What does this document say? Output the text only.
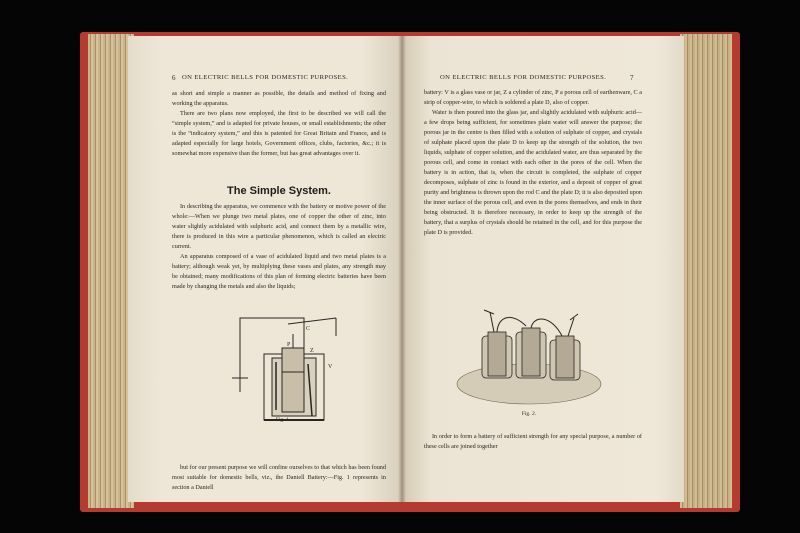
6 ON ELECTRIC BELLS FOR DOMESTIC PURPOSES.

as short and simple a manner as possible, the details and method of fixing and working the apparatus.

There are two plans now employed, the first to be described we will call the “simple system,” and is adapted for private houses, or small establishments; the other is the “indicatory system,” and this is patented for Great Britain and France, and is adapted especially for large hotels, Government offices, clubs, factories, &c.; it is somewhat more expensive than the former, but has great advantages over it.

The Simple System.

In describing the apparatus, we commence with the battery or motive power of the whole:—When we plunge two metal plates, one of copper the other of zinc, into water slightly acidulated with sulphuric acid, and connect them by a metallic wire, there is produced in this wire a particular phenomenon, which is called an electric current.

An apparatus composed of a vase of acidulated liquid and two metal plates is a battery; although weak yet, by multiplying these vases and plates, any strength may be obtained; many modifications of this plan of forming electric batteries have been made by changing the metals and also the liquids;

P
Z
V
C
Fig. 1.

but for our present purpose we will confine ourselves to that which has been found most suitable for domestic bells, viz., the Daniell Battery:—Fig. 1 represents in section a Daniell

ON ELECTRIC BELLS FOR DOMESTIC PURPOSES.	7

battery: V is a glass vase or jar, Z a cylinder of zinc, P a porous cell of earthenware, C a strip of copper-wire, to which is soldered a plate D, also of copper.

Water is then poured into the glass jar, and slightly acidulated with sulphuric acid—a few drops being sufficient, for sometimes plain water will answer the purpose; the porous jar in the centre is then filled with a solution of sulphate of copper, and crystals of sulphate placed upon the plate D to keep up the strength of the solution, the two liquids, sulphate of copper solution, and the acidulated water, are thus separated by the porous cell, and come in contact with each other in the pores of the cell. When the battery is in action, that is, when the circuit is completed, the sulphate of copper decomposes, sulphate of zinc is found in the exterior, and a deposit of copper of great purity and brightness is thrown upon the rod C and the plate D; it is also deposited upon the inner surface of the porous cell, and even in the pores themselves, and ends in their being obstructed. It is therefore necessary, in order to keep up the strength of the battery, that a surplus of crystals should be retained in the cell, and for this purpose the plate D is provided.

Fig. 2.

In order to form a battery of sufficient strength for any special purpose, a number of these cells are joined together
